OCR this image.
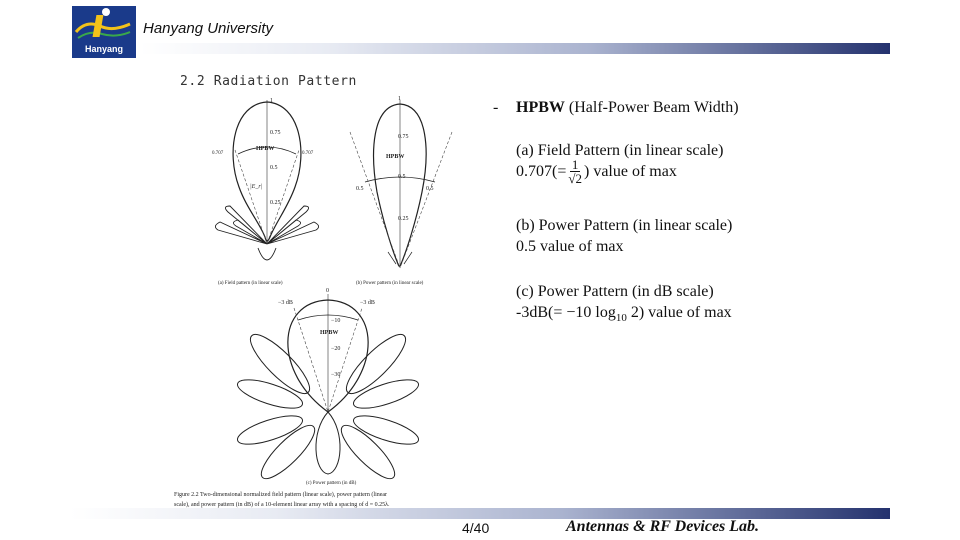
Hanyang
Hanyang University
2.2 Radiation Pattern
1
0.75
0.5
0.25
HPBW
0.707	0.707
|E_r|
(a) Field pattern (in linear scale)
1
0.75
0.5
0.25
HPBW
0.5	0.5
(b) Power pattern (in linear scale)
0
−10
−20
−30
HPBW
−3 dB	−3 dB
(c) Power pattern (in dB)
Figure 2.2 Two-dimensional normalized field pattern (linear scale), power pattern (linear
scale), and power pattern (in dB) of a 10-element linear array with a spacing of d = 0.25λ.
- HPBW (Half-Power Beam Width)
(a) Field Pattern (in linear scale)
$0.707(= \frac{1}{√2}$ ) value of max
(b) Power Pattern (in linear scale)
0.5 value of max
(c) Power Pattern (in dB scale)
-3dB(= −10 $\log_{10} 2$) value of max
4/40	Antennas & RF Devices Lab.
